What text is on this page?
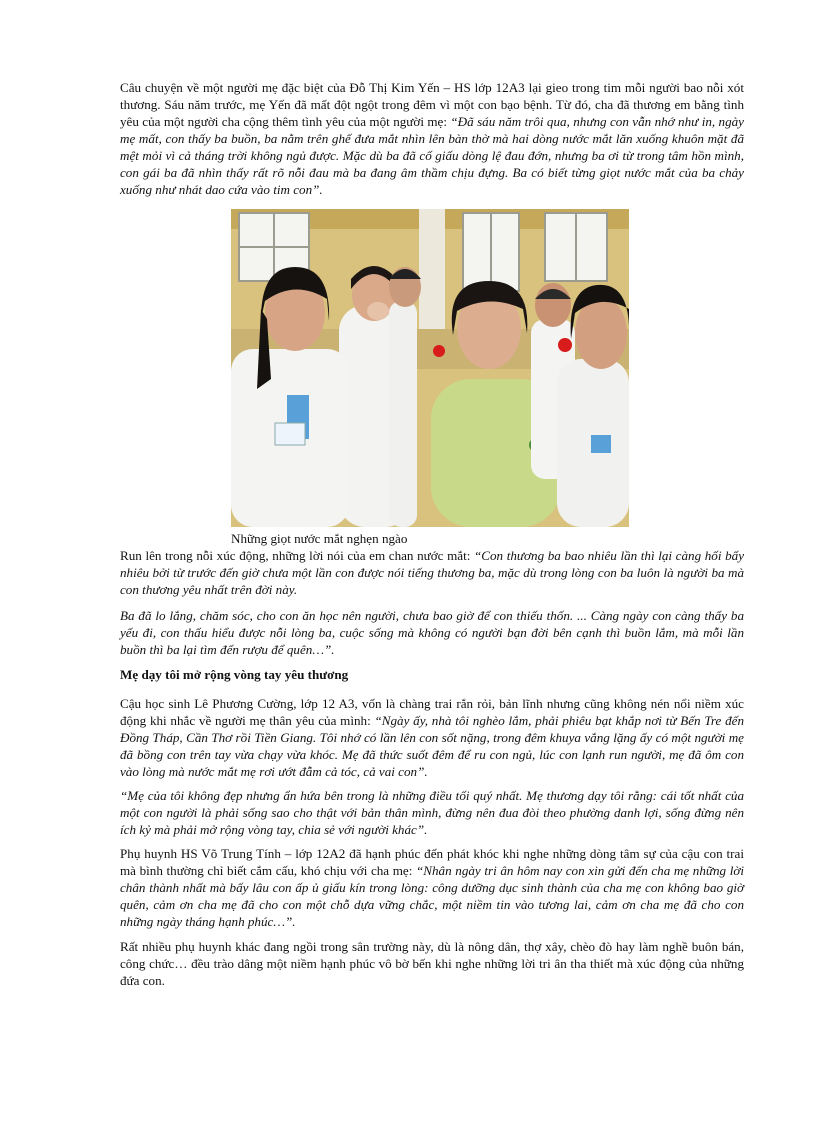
Câu chuyện về một người mẹ đặc biệt của Đỗ Thị Kim Yến – HS lớp 12A3 lại gieo trong tim mỗi người bao nỗi xót thương. Sáu năm trước, mẹ Yến đã mất đột ngột trong đêm vì một con bạo bệnh. Từ đó, cha đã thương em bằng tình yêu của một người cha cộng thêm tình yêu của một người mẹ: “Đã sáu năm trôi qua, nhưng con vẫn nhớ như in, ngày mẹ mất, con thấy ba buồn, ba nằm trên ghế đưa mắt nhìn lên bàn thờ mà hai dòng nước mắt lăn xuống khuôn mặt đã mệt mỏi vì cả tháng trời không ngủ được. Mặc dù ba đã cố giấu dòng lệ đau đớn, nhưng ba ơi từ trong tâm hồn mình, con gái ba đã nhìn thấy rất rõ nỗi đau mà ba đang âm thầm chịu đựng. Ba có biết từng giọt nước mắt của ba chảy xuống như nhát dao cứa vào tim con”.

Những giọt nước mắt nghẹn ngào

Run lên trong nỗi xúc động, những lời nói của em chan nước mắt: “Con thương ba bao nhiêu lần thì lại càng hối bấy nhiêu bởi từ trước đến giờ chưa một lần con được nói tiếng thương ba, mặc dù trong lòng con ba luôn là người ba mà con thương yêu nhất trên đời này.

Ba đã lo lắng, chăm sóc, cho con ăn học nên người, chưa bao giờ để con thiếu thốn. ... Càng ngày con càng thấy ba yếu đi, con thấu hiểu được nỗi lòng ba, cuộc sống mà không có người bạn đời bên cạnh thì buồn lắm, mà mỗi lần buồn thì ba lại tìm đến rượu để quên…”.

Mẹ dạy tôi mở rộng vòng tay yêu thương

Cậu học sinh Lê Phương Cường, lớp 12 A3, vốn là chàng trai rắn rỏi, bản lĩnh nhưng cũng không nén nổi niềm xúc động khi nhắc về người mẹ thân yêu của mình: “Ngày ấy, nhà tôi nghèo lắm, phải phiêu bạt khắp nơi từ Bến Tre đến Đồng Tháp, Cần Thơ rồi Tiền Giang. Tôi nhớ có lần lên con sốt nặng, trong đêm khuya vắng lặng ấy có một người mẹ đã bồng con trên tay vừa chạy vừa khóc. Mẹ đã thức suốt đêm để ru con ngủ, lúc con lạnh run người, mẹ đã ôm con vào lòng mà nước mắt mẹ rơi ướt đẫm cả tóc, cả vai con”.

“Mẹ của tôi không đẹp nhưng ẩn hứa bên trong là những điều tối quý nhất. Mẹ thương dạy tôi rằng: cái tốt nhất của một con người là phải sống sao cho thật với bản thân mình, đừng nên đua đòi theo phường danh lợi, sống đừng nên ích kỷ mà phải mở rộng vòng tay, chia sẻ với người khác”.

Phụ huynh HS Võ Trung Tính – lớp 12A2 đã hạnh phúc đến phát khóc khi nghe những dòng tâm sự của cậu con trai mà bình thường chỉ biết cắm cấu, khó chịu với cha mẹ: “Nhân ngày tri ân hôm nay con xin gửi đến cha mẹ những lời chân thành nhất mà bấy lâu con ấp ủ giấu kín trong lòng: công dưỡng dục sinh thành của cha mẹ con không bao giờ quên, cảm ơn cha mẹ đã cho con một chỗ dựa vững chắc, một niềm tin vào tương lai, cảm ơn cha mẹ đã cho con những ngày tháng hạnh phúc…”.

Rất nhiều phụ huynh khác đang ngồi trong sân trường này, dù là nông dân, thợ xây, chèo đò hay làm nghề buôn bán, công chức… đều trào dâng một niềm hạnh phúc vô bờ bến khi nghe những lời tri ân tha thiết mà xúc động của những đứa con.
